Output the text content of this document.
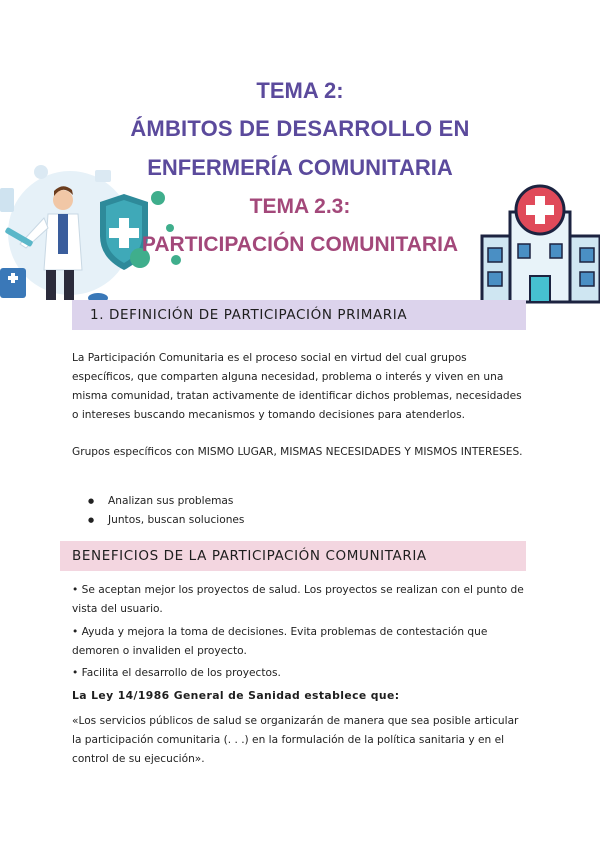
TEMA 2:
ÁMBITOS DE DESARROLLO EN
ENFERMERÍA COMUNITARIA
TEMA 2.3:
PARTICIPACIÓN COMUNITARIA
1. DEFINICIÓN DE PARTICIPACIÓN PRIMARIA
La Participación Comunitaria es el proceso social en virtud del cual grupos específicos, que comparten alguna necesidad, problema o interés y viven en una misma comunidad, tratan activamente de identificar dichos problemas, necesidades o intereses buscando mecanismos y tomando decisiones para atenderlos.
Grupos específicos con MISMO LUGAR, MISMAS NECESIDADES Y MISMOS INTERESES.
● Analizan sus problemas
● Juntos, buscan soluciones
BENEFICIOS DE LA PARTICIPACIÓN COMUNITARIA
• Se aceptan mejor los proyectos de salud. Los proyectos se realizan con el punto de vista del usuario.
• Ayuda y mejora la toma de decisiones. Evita problemas de contestación que demoren o invaliden el proyecto.
• Facilita el desarrollo de los proyectos.
La Ley 14/1986 General de Sanidad establece que:
«Los servicios públicos de salud se organizarán de manera que sea posible articular la participación comunitaria (. . .) en la formulación de la política sanitaria y en el control de su ejecución».
